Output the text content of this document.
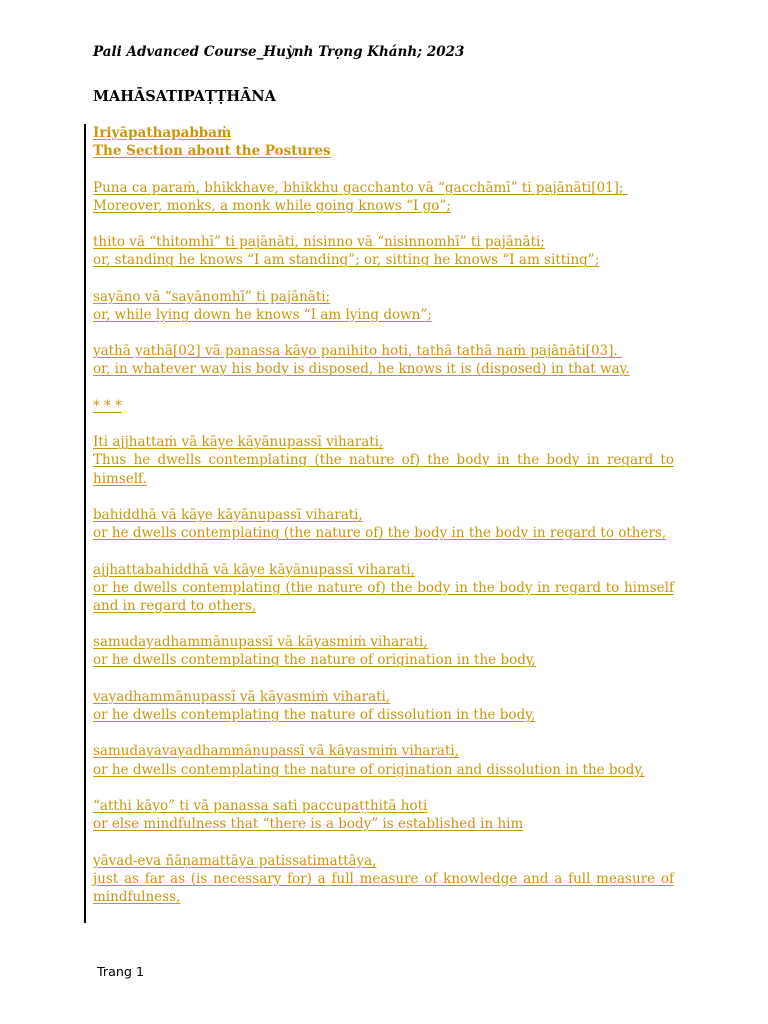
Pali Advanced Course_Huỳnh Trọng Khánh; 2023
MAHĀSATIPAṬṬHĀNA
Iriyāpathapabbaṁ
The Section about the Postures
Puna ca paraṁ, bhikkhave, bhikkhu gacchanto vā “gacchāmī” ti pajānāti[01];
Moreover, monks, a monk while going knows “I go”;
thito vā “thitomhī” ti pajānāti, nisinno vā “nisinnomhī” ti pajānāti;
or, standing he knows “I am standing”; or, sitting he knows “I am sitting”;
sayāno vā “sayānomhī” ti pajānāti;
or, while lying down he knows “I am lying down”;
yathā yathā[02] vā panassa kāyo paṇihito hoti, tathā tathā naṁ pajānāti[03].
or, in whatever way his body is disposed, he knows it is (disposed) in that way.
* * *
Iti ajjhattaṁ vā kāye kāyānupassī viharati,
Thus he dwells contemplating (the nature of) the body in the body in regard to
himself.
bahiddhā vā kāye kāyānupassī viharati,
or he dwells contemplating (the nature of) the body in the body in regard to others,
ajjhattabahiddhā vā kāye kāyānupassī viharati,
or he dwells contemplating (the nature of) the body in the body in regard to himself
and in regard to others,
samudayadhammānupassī vā kāyasmiṁ viharati,
or he dwells contemplating the nature of origination in the body,
vayadhammānupassī vā kāyasmiṁ viharati,
or he dwells contemplating the nature of dissolution in the body,
samudayavayadhammānupassī vā kāyasmiṁ viharati,
or he dwells contemplating the nature of origination and dissolution in the body,
“atthi kāyo” ti vā panassa sati paccupaṭṭhitā hoti
or else mindfulness that “there is a body” is established in him
yāvad-eva ñāṇamattāya patissatimattāya,
just as far as (is necessary for) a full measure of knowledge and a full measure of
mindfulness,
Trang 1
